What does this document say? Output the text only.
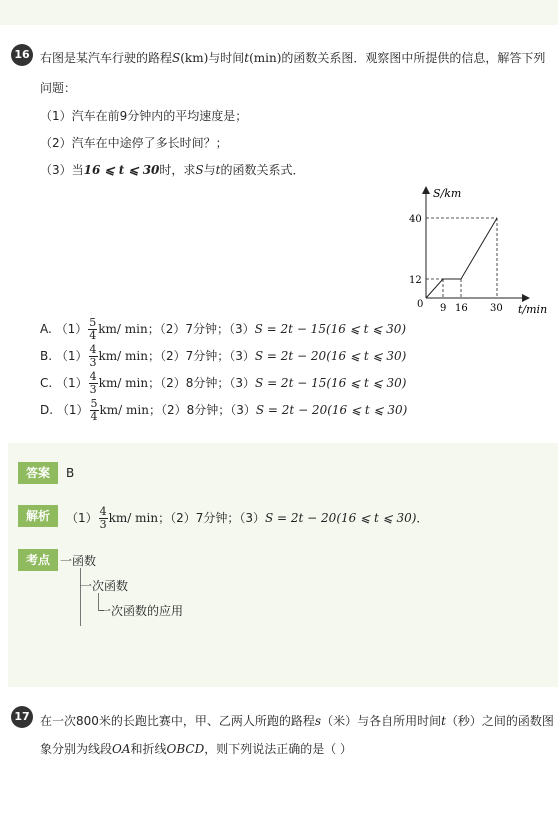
16 右图是某汽车行驶的路程S(km)与时间t(min)的函数关系图．观察图中所提供的信息，解答下列
问题：
（1）汽车在前9分钟内的平均速度是；
（2）汽车在中途停了多长时间？；
（3）当16 ⩽ t ⩽ 30时，求S与t的函数关系式．
S/km
t/min
0
40
12
9 16 30
A. $(1) \frac{5}{4} km/$ min；（2）7分钟；（3）S = 2t − 15(16 ⩽ t ⩽ 30)
B. $(1) \frac{4}{3} km/$ min；（2）7分钟；（3）S = 2t − 20(16 ⩽ t ⩽ 30)
C. $(1) \frac{4}{3} km/$ min；（2）8分钟；（3）S = 2t − 15(16 ⩽ t ⩽ 30)
D. $(1) \frac{5}{4} km/$ min；（2）8分钟；（3）S = 2t − 20(16 ⩽ t ⩽ 30)
答案	B
解析	$(1) \frac{4}{3} km/$ min；（2）7分钟；（3）S = 2t − 20(16 ⩽ t ⩽ 30)．
考点 一函数
一次函数
一次函数的应用
17 在一次800米的长跑比赛中，甲、乙两人所跑的路程s（米）与各自所用时间t（秒）之间的函数图
象分别为线段OA和折线OBCD，则下列说法正确的是（ ）
